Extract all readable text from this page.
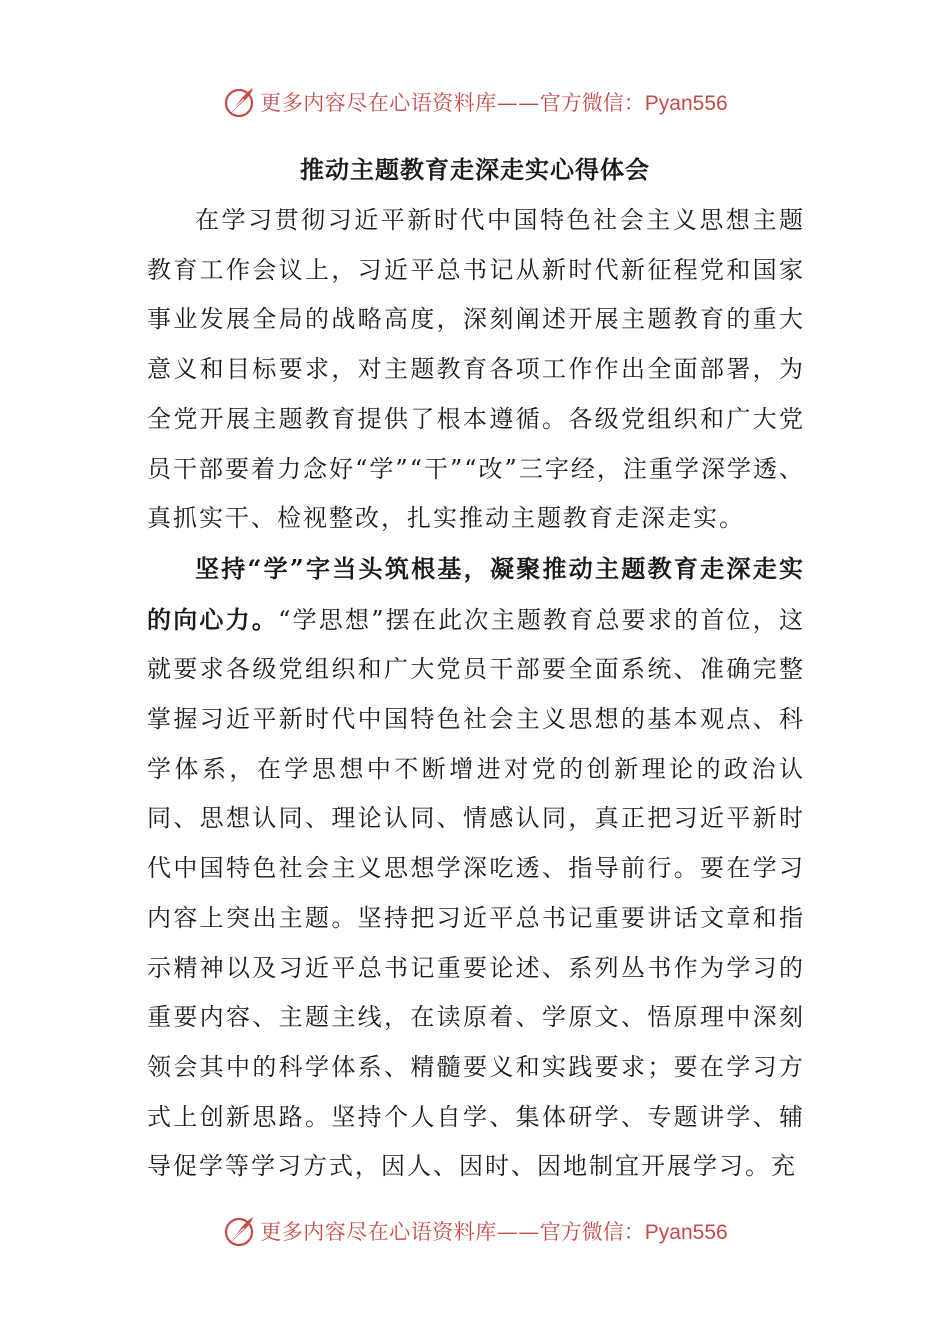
更多内容尽在心语资料库—— 官方微信：Pyan556
推动主题教育走深走实心得体会

在学习贯彻习近平新时代中国特色社会主义思想主题教育工作会议上，习近平总书记从新时代新征程党和国家事业发展全局的战略高度，深刻阐述开展主题教育的重大意义和目标要求，对主题教育各项工作作出全面部署，为全党开展主题教育提供了根本遵循。各级党组织和广大党员干部要着力念好“学”“干”“改”三字经，注重学深学透、真抓实干、检视整改，扎实推动主题教育走深走实。

坚持“学”字当头筑根基，凝聚推动主题教育走深走实的向心力。“学思想”摆在此次主题教育总要求的首位，这就要求各级党组织和广大党员干部要全面系统、准确完整掌握习近平新时代中国特色社会主义思想的基本观点、科学体系，在学思想中不断增进对党的创新理论的政治认同、思想认同、理论认同、情感认同，真正把习近平新时代中国特色社会主义思想学深吃透、指导前行。要在学习内容上突出主题。坚持把习近平总书记重要讲话文章和指示精神以及习近平总书记重要论述、系列丛书作为学习的重要内容、主题主线，在读原着、学原文、悟原理中深刻领会其中的科学体系、精髓要义和实践要求；要在学习方式上创新思路。坚持个人自学、集体研学、专题讲学、辅导促学等学习方式，因人、因时、因地制宜开展学习。充

更多内容尽在心语资料库—— 官方微信：Pyan556
